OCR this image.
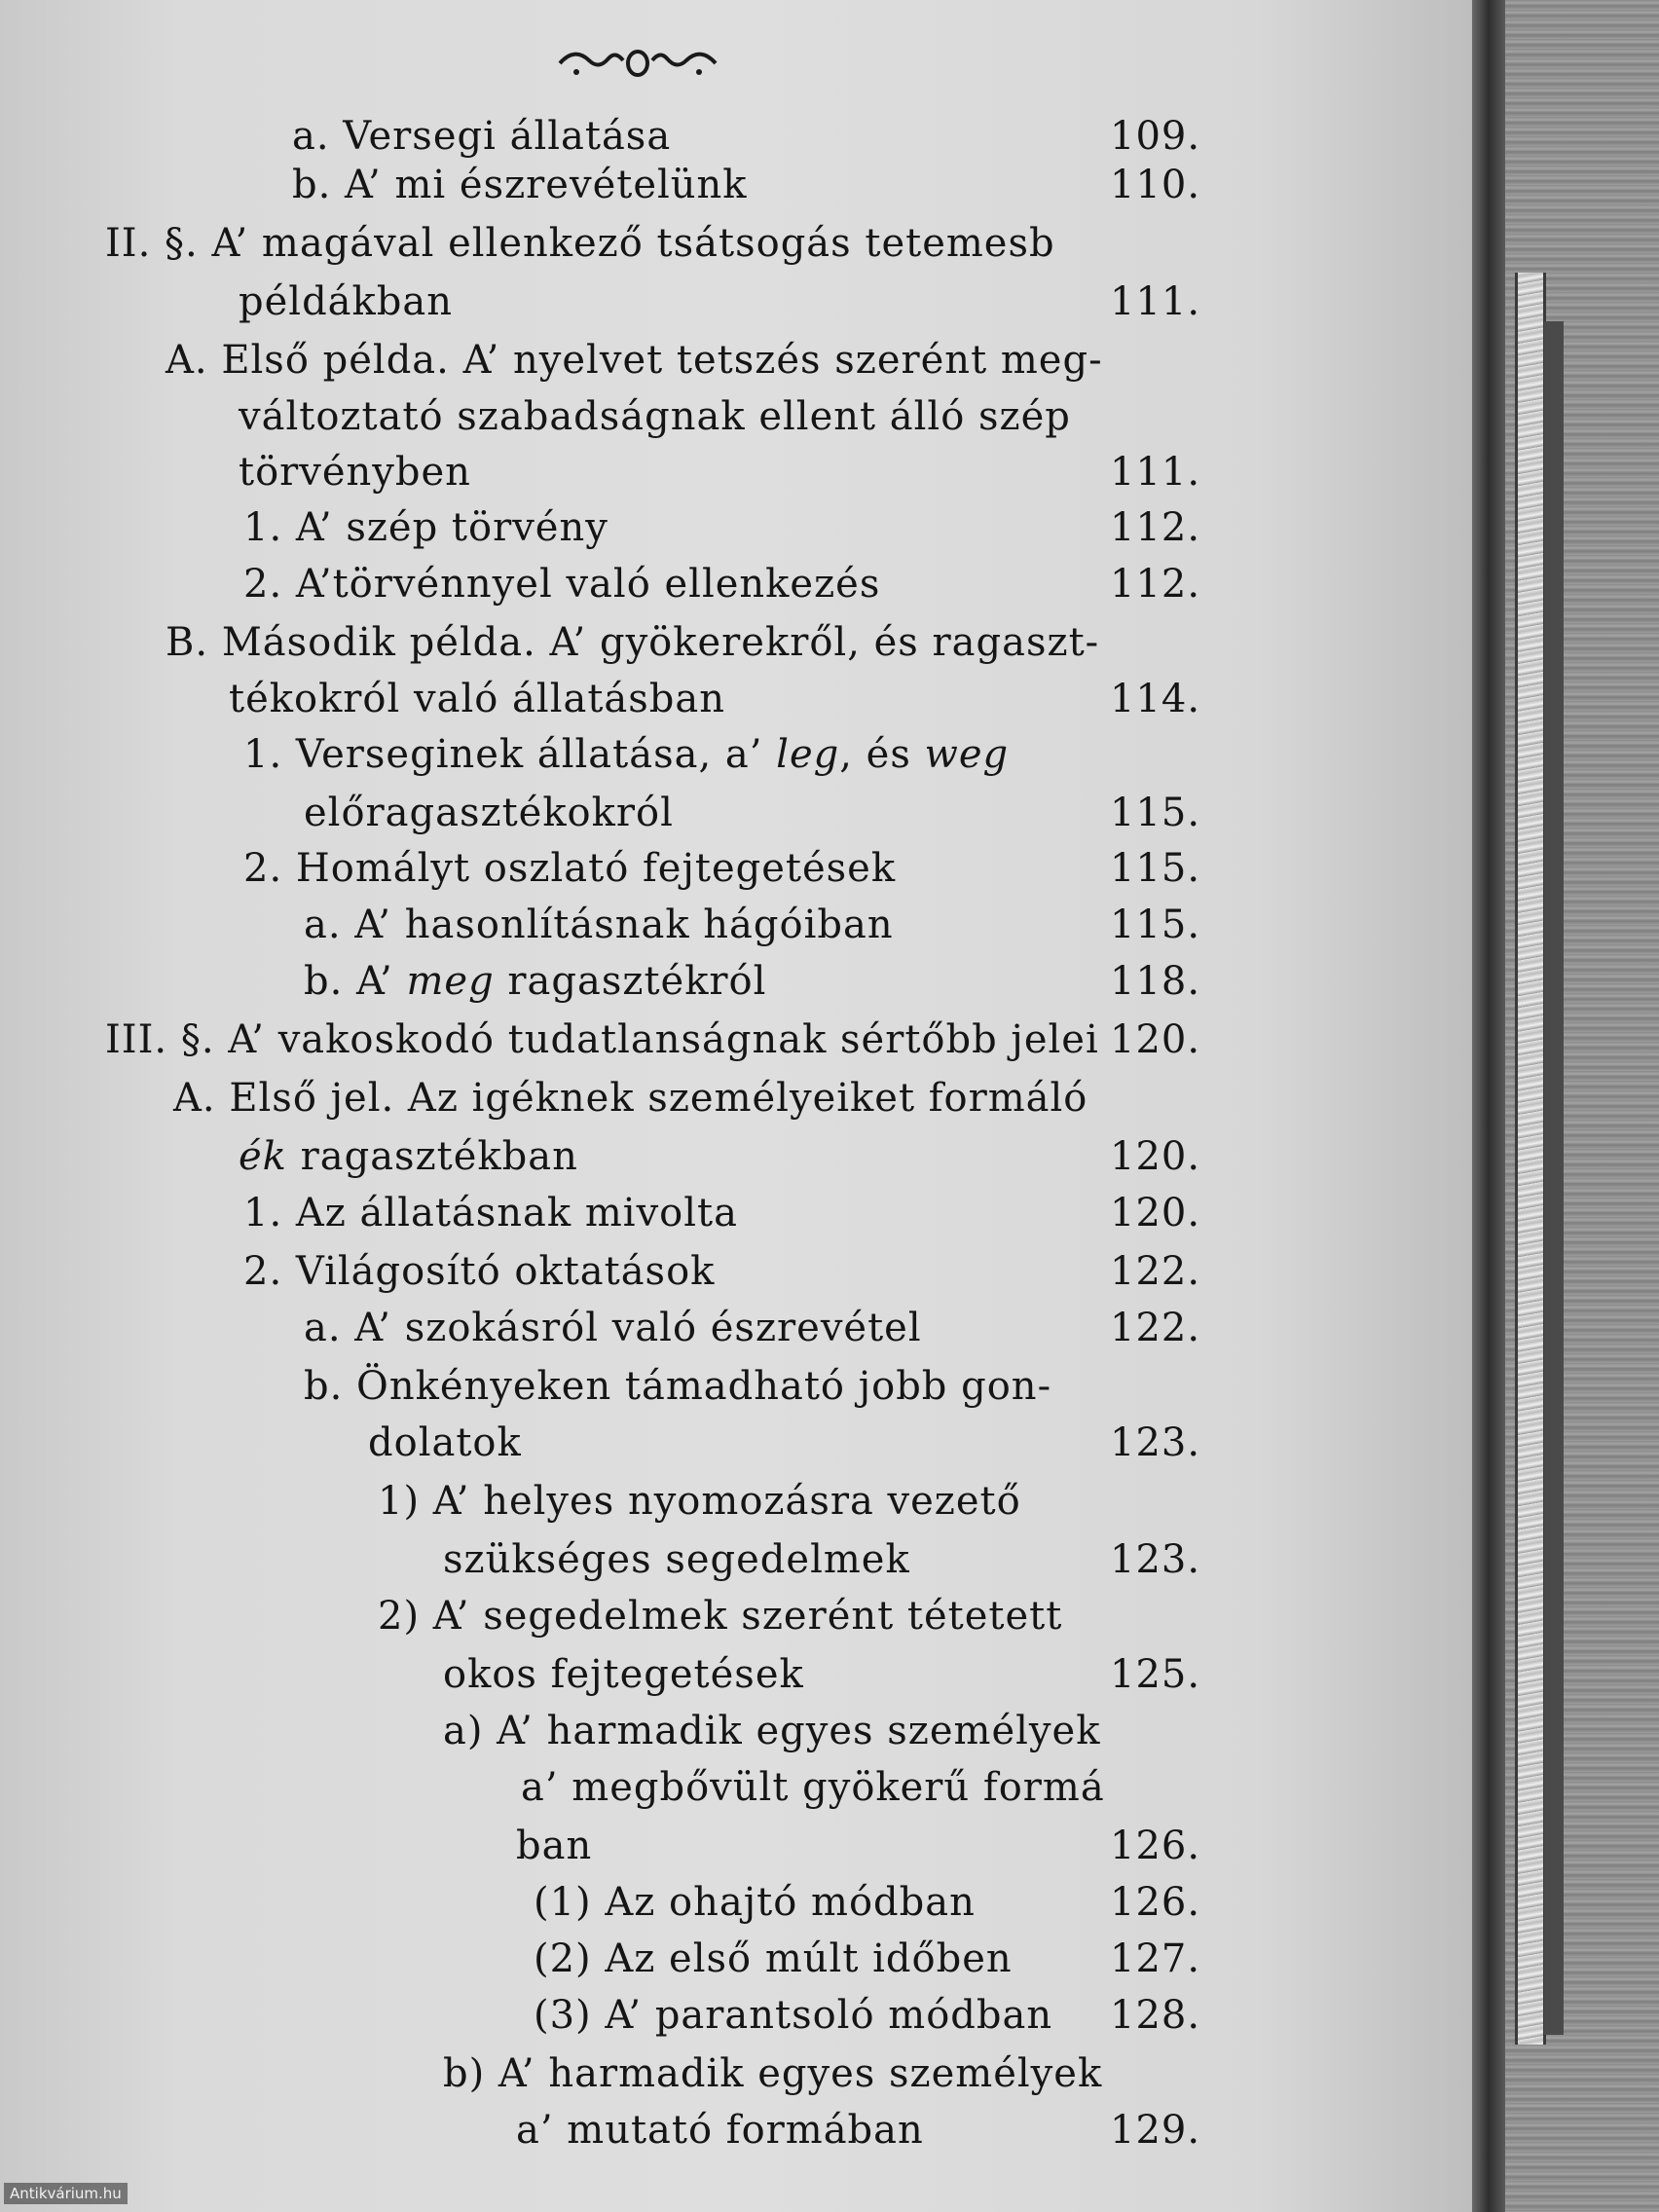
a. Versegi állatása	109.
b. A’ mi észrevételünk	110.
II. §. A’ magával ellenkező tsátsogás tetemesb
példákban	111.
A. Első példa. A’ nyelvet tetszés szerént meg-
változtató szabadságnak ellent álló szép
törvényben	111.
1. A’ szép törvény	112.
2. A’törvénnyel való ellenkezés	112.
B. Második példa. A’ gyökerekről, és ragaszt-
tékokról való állatásban	114.
1. Verseginek állatása, a’ leg, és weg
előragasztékokról	115.
2. Homályt oszlató fejtegetések	115.
a. A’ hasonlításnak hágóiban	115.
b. A’ meg ragasztékról	118.
III. §. A’ vakoskodó tudatlanságnak sértőbb jelei 120.
A. Első jel. Az igéknek személyeiket formáló
ék ragasztékban	120.
1. Az állatásnak mivolta	120.
2. Világosító oktatások	122.
a. A’ szokásról való észrevétel	122.
b. Önkényeken támadható jobb gon-
dolatok	123.
1) A’ helyes nyomozásra vezető
szükséges segedelmek	123.
2) A’ segedelmek szerént tétetett
okos fejtegetések	125.
a) A’ harmadik egyes személyek
a’ megbővült gyökerű formá
ban	126.
(1) Az ohajtó módban	126.
(2) Az első múlt időben	127.
(3) A’ parantsoló módban 128.
b) A’ harmadik egyes személyek
a’ mutató formában	129.
Antikvárium.hu
